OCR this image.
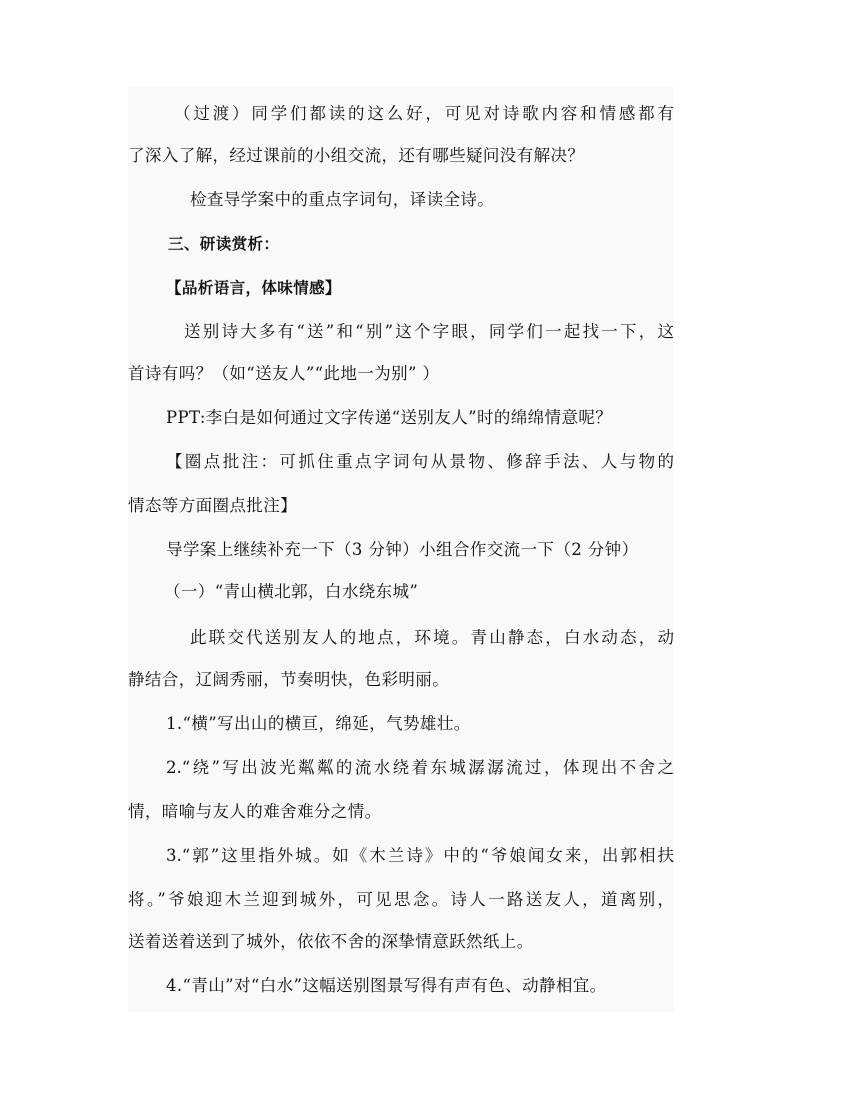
（过渡）同学们都读的这么好，可见对诗歌内容和情感都有
了深入了解，经过课前的小组交流，还有哪些疑问没有解决？
检查导学案中的重点字词句，译读全诗。
三、研读赏析：
【品析语言，体味情感】
送别诗大多有“送”和“别”这个字眼，同学们一起找一下，这
首诗有吗？（如“送友人”“此地一为别” ）
PPT:李白是如何通过文字传递“送别友人”时的绵绵情意呢？
【圈点批注：可抓住重点字词句从景物、修辞手法、人与物的
情态等方面圈点批注】
导学案上继续补充一下（3 分钟）小组合作交流一下（2 分钟）
（一）“青山横北郭，白水绕东城”
此联交代送别友人的地点，环境。青山静态，白水动态，动
静结合，辽阔秀丽，节奏明快，色彩明丽。
1.“横”写出山的横亘，绵延，气势雄壮。
2.“绕”写出波光粼粼的流水绕着东城潺潺流过，体现出不舍之
情，暗喻与友人的难舍难分之情。
3.“郭”这里指外城。如《木兰诗》中的“爷娘闻女来，出郭相扶
将。”爷娘迎木兰迎到城外，可见思念。诗人一路送友人，道离别，
送着送着送到了城外，依依不舍的深挚情意跃然纸上。
4.“青山”对“白水”这幅送别图景写得有声有色、动静相宜。
